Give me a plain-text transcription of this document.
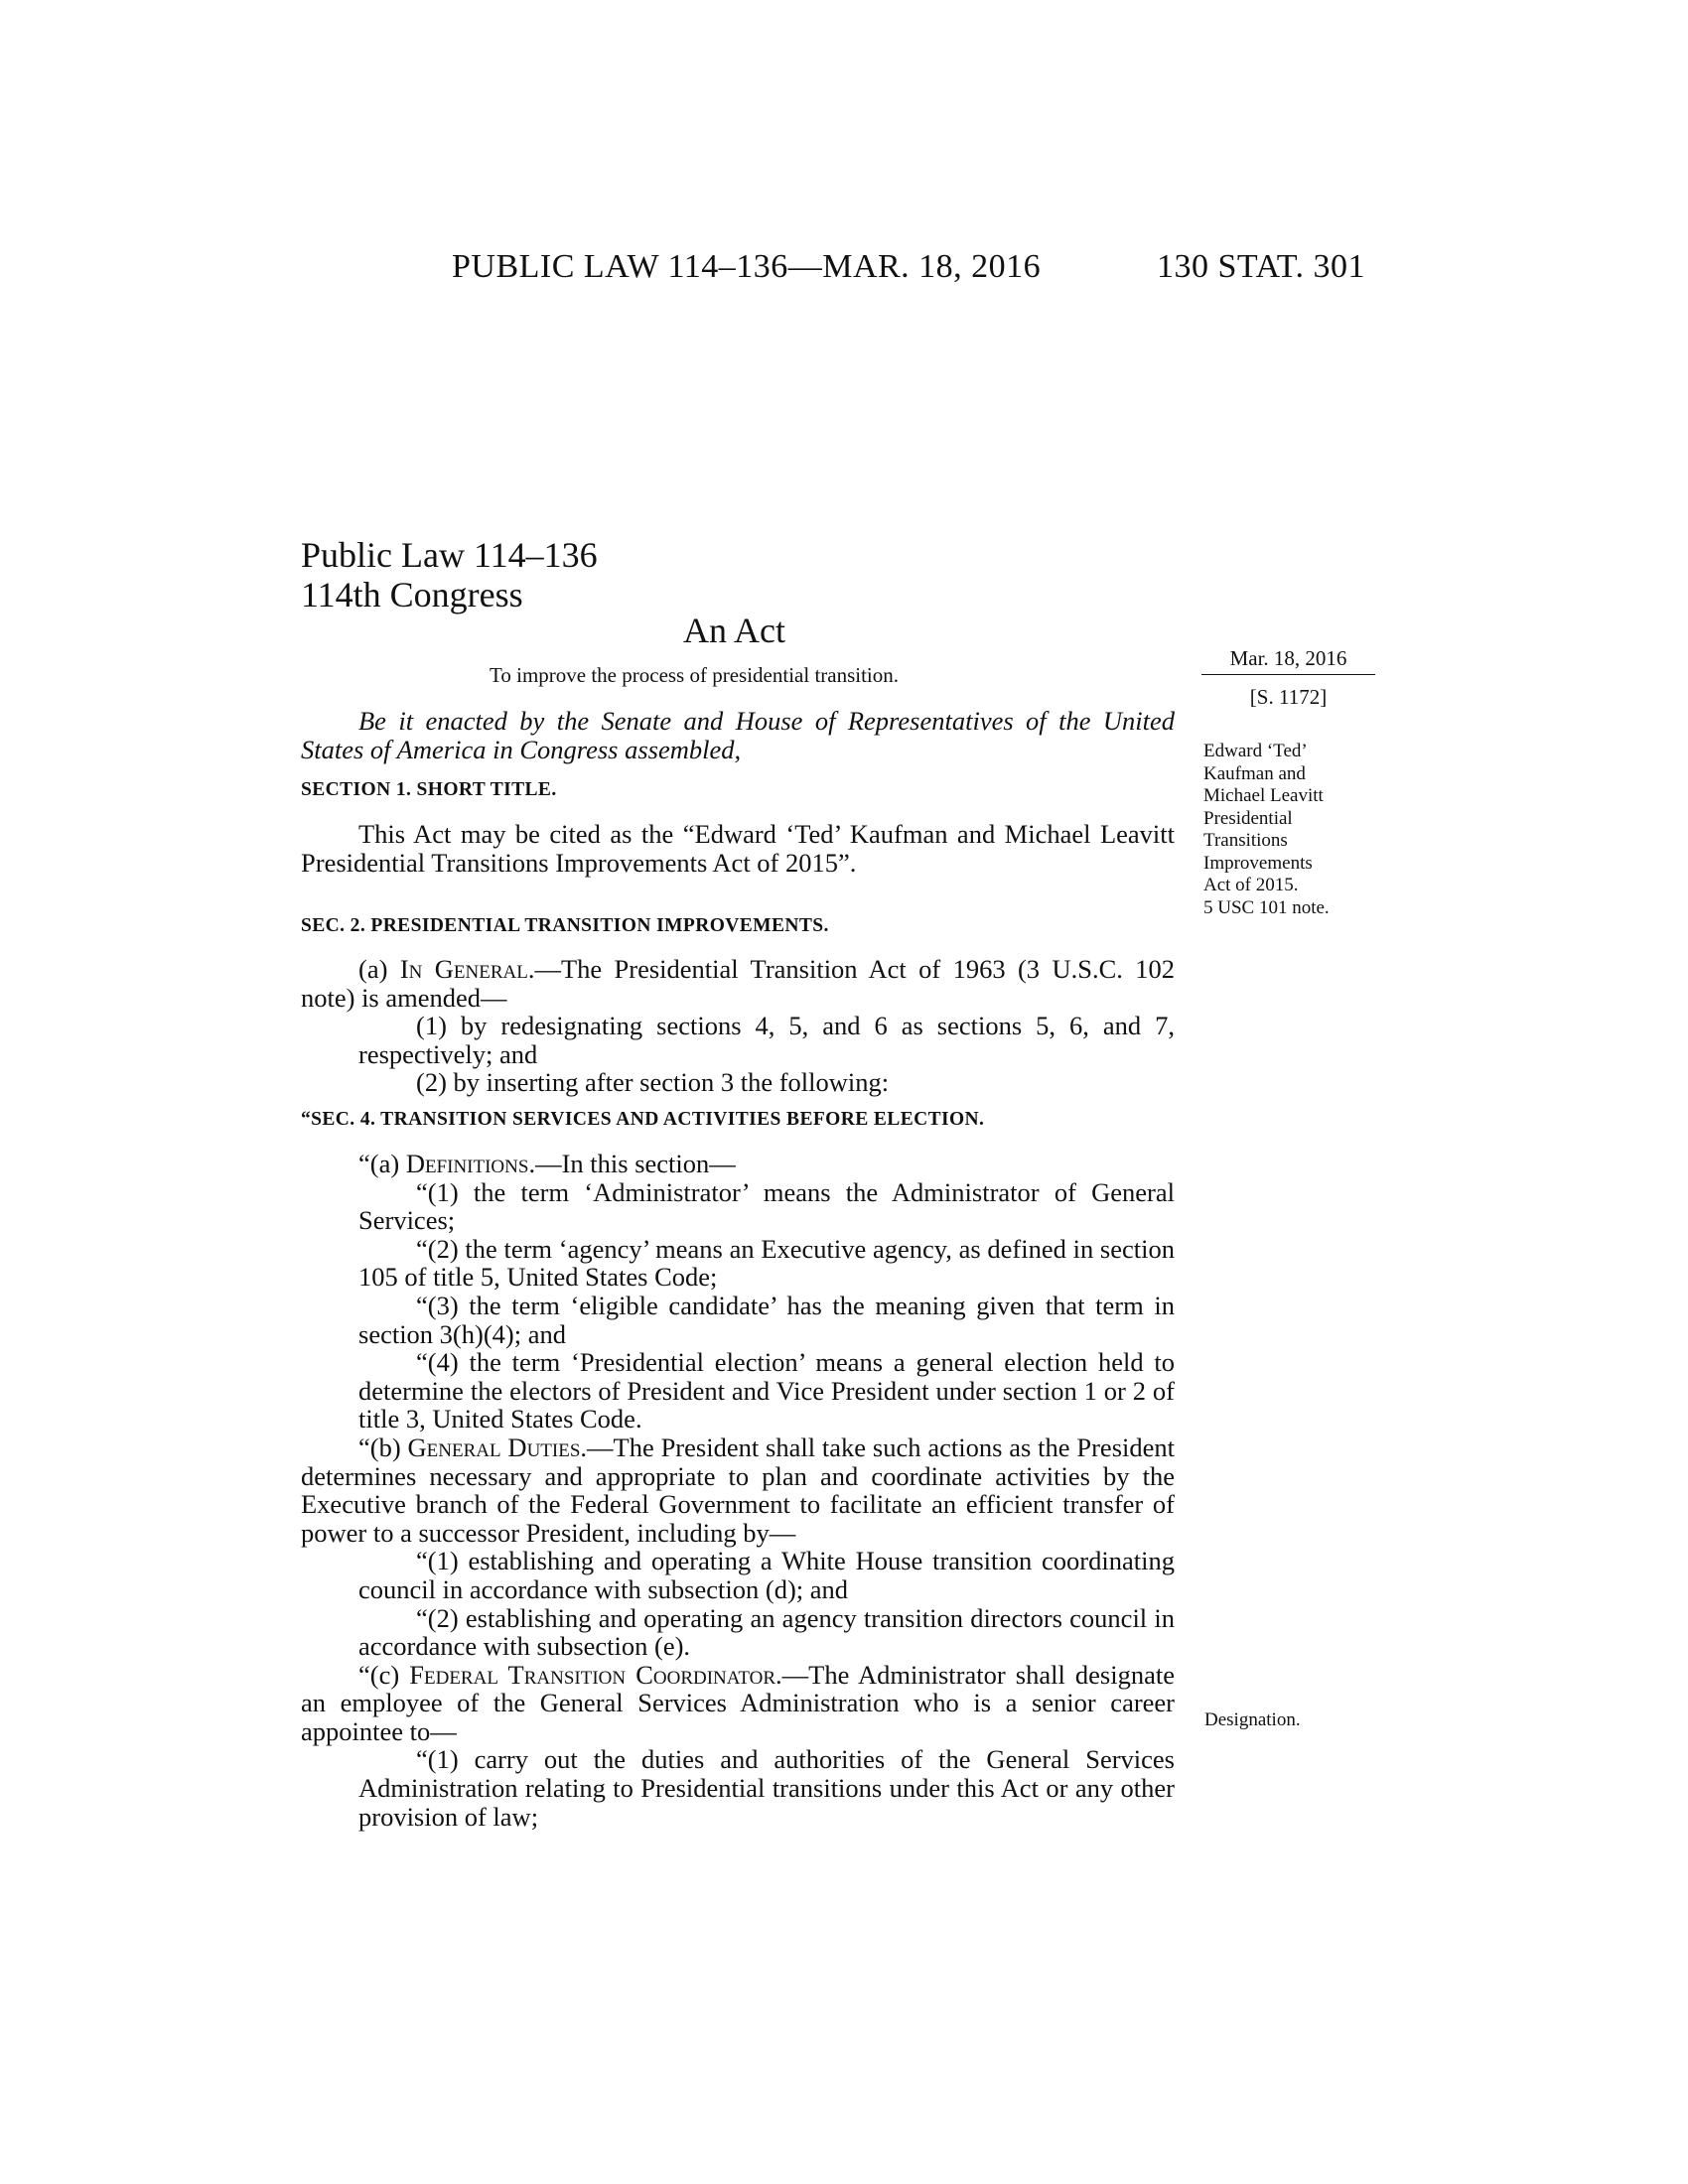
PUBLIC LAW 114–136—MAR. 18, 2016	130 STAT. 301
Public Law 114–136
114th Congress
An Act
To improve the process of presidential transition.
Mar. 18, 2016
[S. 1172]
Edward ‘Ted’
Kaufman and
Michael Leavitt
Presidential
Transitions
Improvements
Act of 2015.
5 USC 101 note.
Designation.

Be it enacted by the Senate and House of Representatives of the United States of America in Congress assembled,

SECTION 1. SHORT TITLE.

This Act may be cited as the “Edward ‘Ted’ Kaufman and Michael Leavitt Presidential Transitions Improvements Act of 2015”.

SEC. 2. PRESIDENTIAL TRANSITION IMPROVEMENTS.

(a) In General.—The Presidential Transition Act of 1963 (3 U.S.C. 102 note) is amended—

(1) by redesignating sections 4, 5, and 6 as sections 5, 6, and 7, respectively; and

(2) by inserting after section 3 the following:

“SEC. 4. TRANSITION SERVICES AND ACTIVITIES BEFORE ELECTION.

“(a) Definitions.—In this section—

“(1) the term ‘Administrator’ means the Administrator of General Services;

“(2) the term ‘agency’ means an Executive agency, as defined in section 105 of title 5, United States Code;

“(3) the term ‘eligible candidate’ has the meaning given that term in section 3(h)(4); and

“(4) the term ‘Presidential election’ means a general election held to determine the electors of President and Vice President under section 1 or 2 of title 3, United States Code.

“(b) General Duties.—The President shall take such actions as the President determines necessary and appropriate to plan and coordinate activities by the Executive branch of the Federal Government to facilitate an efficient transfer of power to a successor President, including by—

“(1) establishing and operating a White House transition coordinating council in accordance with subsection (d); and

“(2) establishing and operating an agency transition directors council in accordance with subsection (e).

“(c) Federal Transition Coordinator.—The Administrator shall designate an employee of the General Services Administration who is a senior career appointee to—

“(1) carry out the duties and authorities of the General Services Administration relating to Presidential transitions under this Act or any other provision of law;
